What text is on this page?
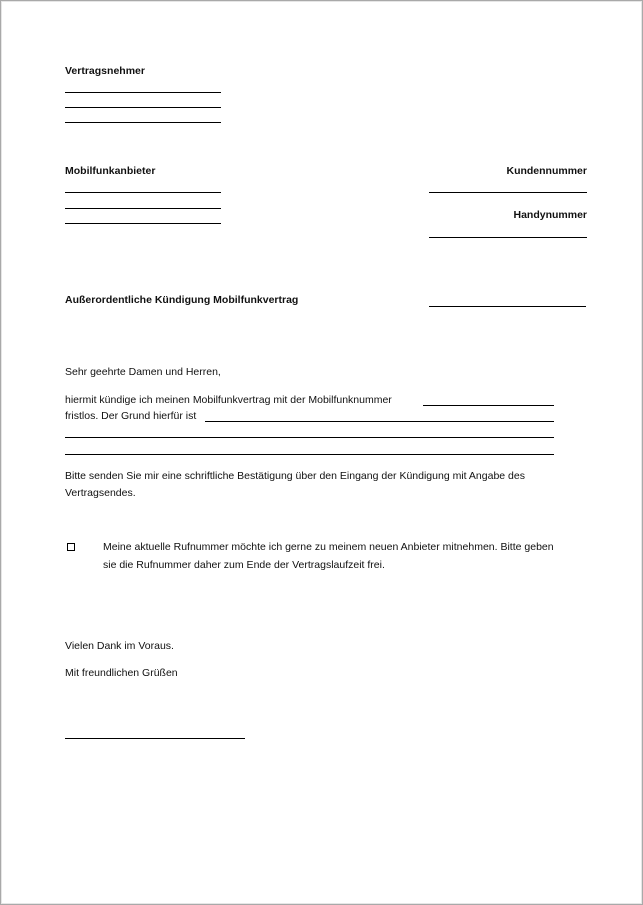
Vertragsnehmer
Mobilfunkanbieter	Kundennummer
Handynummer
Außerordentliche Kündigung Mobilfunkvertrag
Sehr geehrte Damen und Herren,
hiermit kündige ich meinen Mobilfunkvertrag mit der Mobilfunknummer
fristlos. Der Grund hierfür ist
Bitte senden Sie mir eine schriftliche Bestätigung über den Eingang der Kündigung mit Angabe des
Vertragsendes.
Meine aktuelle Rufnummer möchte ich gerne zu meinem neuen Anbieter mitnehmen. Bitte geben
sie die Rufnummer daher zum Ende der Vertragslaufzeit frei.
Vielen Dank im Voraus.
Mit freundlichen Grüßen
